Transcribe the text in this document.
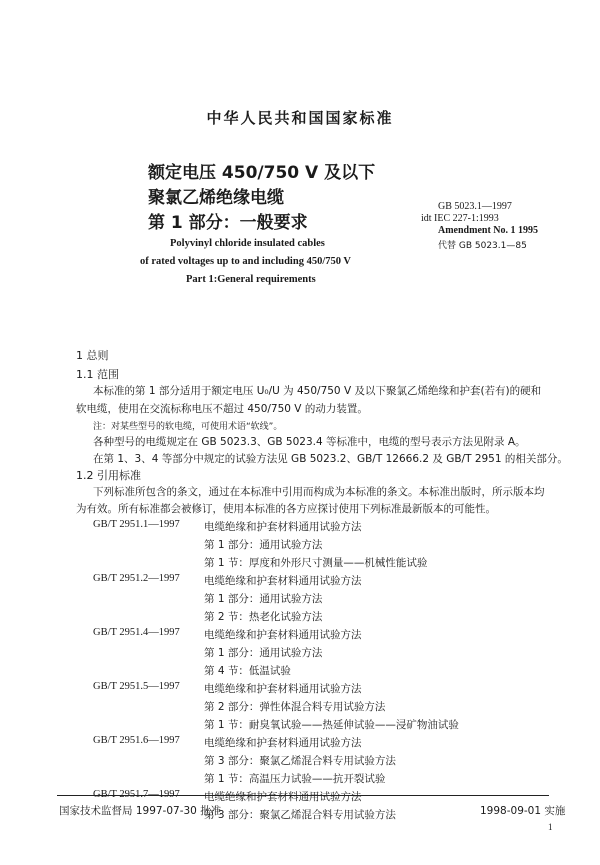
中华人民共和国国家标准
额定电压 450/750 V 及以下
聚氯乙烯绝缘电缆
第 1 部分：一般要求
GB 5023.1—1997
idt IEC 227-1:1993
Amendment No. 1 1995
代替 GB 5023.1—85
Polyvinyl chloride insulated cables
of rated voltages up to and including 450/750 V
Part 1:General requirements
1 总则
1.1 范围
本标准的第 1 部分适用于额定电压 U₀/U 为 450/750 V 及以下聚氯乙烯绝缘和护套(若有)的硬和
软电缆，使用在交流标称电压不超过 450/750 V 的动力装置。
注：对某些型号的软电缆，可使用术语“软线”。
各种型号的电缆规定在 GB 5023.3、GB 5023.4 等标准中，电缆的型号表示方法见附录 A。
在第 1、3、4 等部分中规定的试验方法见 GB 5023.2、GB/T 12666.2 及 GB/T 2951 的相关部分。
1.2 引用标准
下列标准所包含的条文，通过在本标准中引用而构成为本标准的条文。本标准出版时，所示版本均
为有效。所有标准都会被修订，使用本标准的各方应探讨使用下列标准最新版本的可能性。
GB/T 2951.1—1997 电缆绝缘和护套材料通用试验方法
第 1 部分：通用试验方法
第 1 节：厚度和外形尺寸测量——机械性能试验
GB/T 2951.2—1997 电缆绝缘和护套材料通用试验方法
第 1 部分：通用试验方法
第 2 节：热老化试验方法
GB/T 2951.4—1997 电缆绝缘和护套材料通用试验方法
第 1 部分：通用试验方法
第 4 节：低温试验
GB/T 2951.5—1997 电缆绝缘和护套材料通用试验方法
第 2 部分：弹性体混合料专用试验方法
第 1 节：耐臭氧试验——热延伸试验——浸矿物油试验
GB/T 2951.6—1997 电缆绝缘和护套材料通用试验方法
第 3 部分：聚氯乙烯混合料专用试验方法
第 1 节：高温压力试验——抗开裂试验
GB/T 2951.7—1997 电缆绝缘和护套材料通用试验方法
第 3 部分：聚氯乙烯混合料专用试验方法
国家技术监督局 1997-07-30 批准	1998-09-01 实施
1
